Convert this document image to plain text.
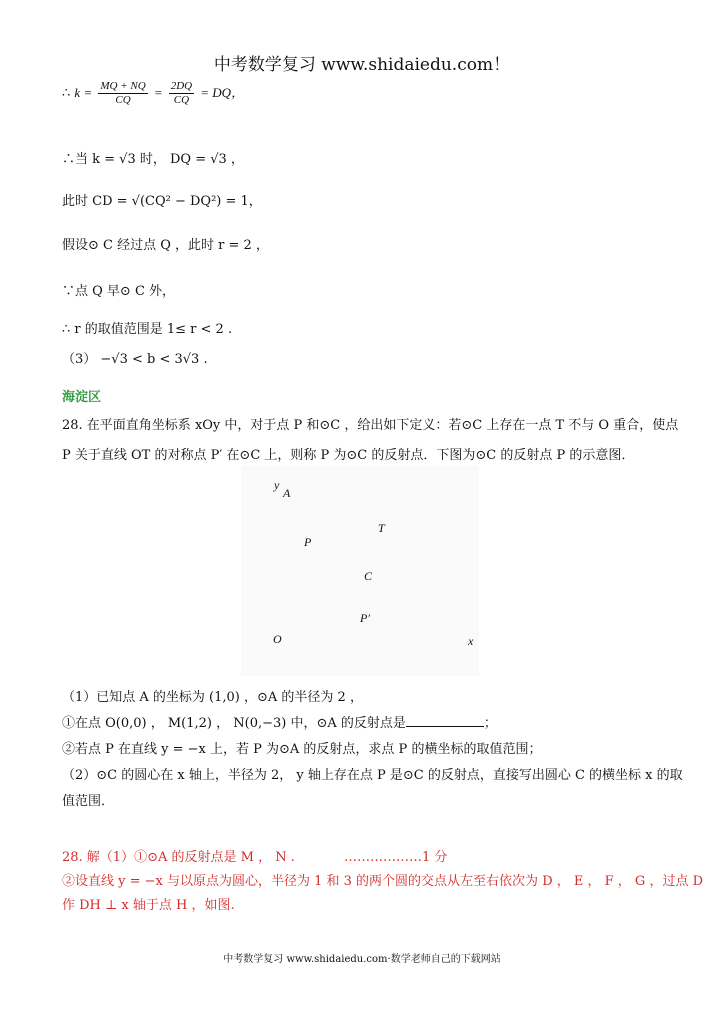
中考数学复习 www.shidaiedu.com！
∴ $k = \frac{MQ + NQ}{CQ} = \frac{2DQ}{CQ}$ = DQ，
∴当 k = √3 时， DQ = √3 ，
此时 CD = √(CQ² − DQ²) = 1，
假设⊙ C 经过点 Q ，此时 r = 2 ，
∵点 Q 早⊙ C 外，
∴ r 的取值范围是 1≤ r < 2 .
（3） −√3 < b < 3√3 .
海淀区
28. 在平面直角坐标系 xOy 中，对于点 P 和⊙C ，给出如下定义：若⊙C 上存在一点 T 不与 O 重合，使点
P 关于直线 OT 的对称点 P′ 在⊙C 上，则称 P 为⊙C 的反射点．下图为⊙C 的反射点 P 的示意图．
y
A
T
P
C
P′
O	x
（1）已知点 A 的坐标为 (1,0) ，⊙A 的半径为 2 ，
①在点 O(0,0) ， M(1,2) ， N(0,−3) 中，⊙A 的反射点是	；
②若点 P 在直线 y = −x 上，若 P 为⊙A 的反射点，求点 P 的横坐标的取值范围；
（2）⊙C 的圆心在 x 轴上，半径为 2， y 轴上存在点 P 是⊙C 的反射点，直接写出圆心 C 的横坐标 x 的取
值范围．
28. 解（1）①⊙A 的反射点是 M ， N .	………………1 分
②设直线 y = −x 与以原点为圆心，半径为 1 和 3 的两个圆的交点从左至右依次为 D ， E ， F ， G ，过点 D
作 DH ⊥ x 轴于点 H ，如图.
中考数学复习 www.shidaiedu.com·数学老师自己的下载网站
